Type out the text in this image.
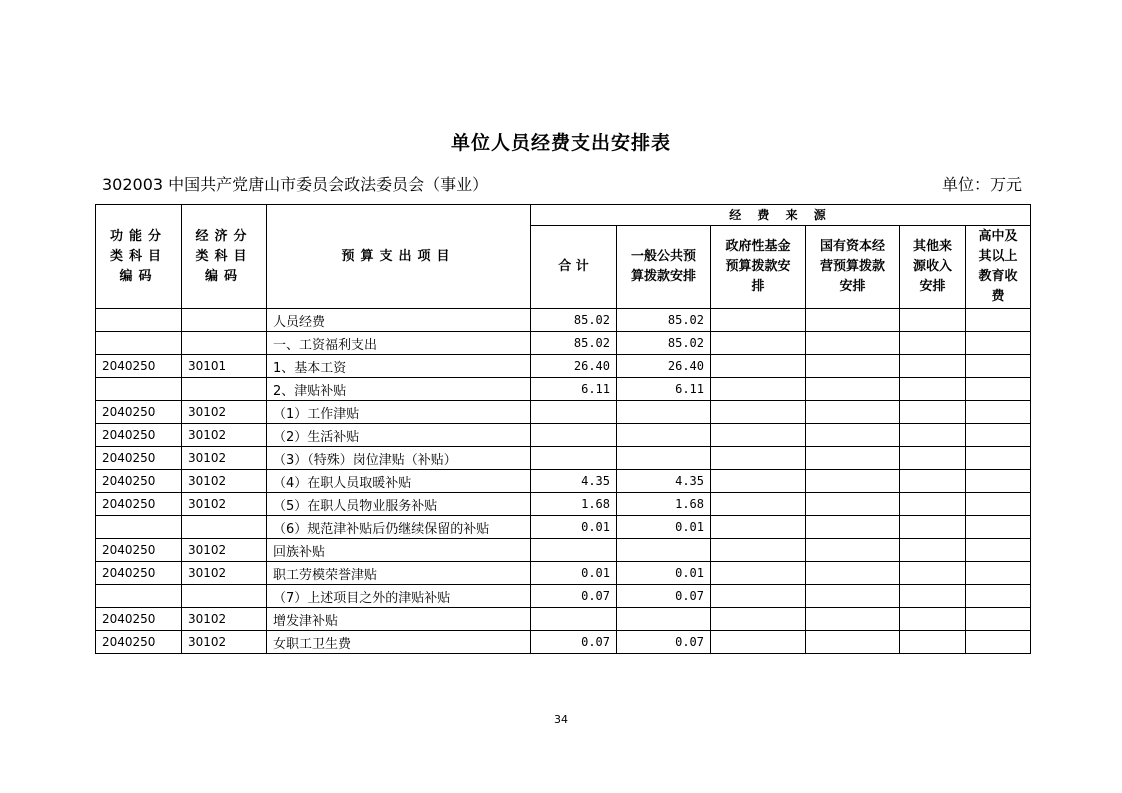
单位人员经费支出安排表
302003 中国共产党唐山市委员会政法委员会（事业）	单位：万元
功能分类科目编码	经济分类科目编码	预算支出项目	经 费 来 源					
			合 计	一般公共预算拨款安排	政府性基金预算拨款安排	国有资本经营预算拨款安排	其他来源收入安排	高中及其以上教育收费
		人员经费	85.02	85.02				
		一、工资福利支出	85.02	85.02				
2040250	30101	1、基本工资	26.40	26.40				
		2、津贴补贴	6.11	6.11				
2040250	30102	（1）工作津贴						
2040250	30102	（2）生活补贴						
2040250	30102	（3）（特殊）岗位津贴（补贴）						
2040250	30102	（4）在职人员取暖补贴	4.35	4.35				
2040250	30102	（5）在职人员物业服务补贴	1.68	1.68				
		（6）规范津补贴后仍继续保留的补贴	0.01	0.01				
2040250	30102	回族补贴						
2040250	30102	职工劳模荣誉津贴	0.01	0.01				
		（7）上述项目之外的津贴补贴	0.07	0.07				
2040250	30102	增发津补贴						
2040250	30102	女职工卫生费	0.07	0.07				
34
